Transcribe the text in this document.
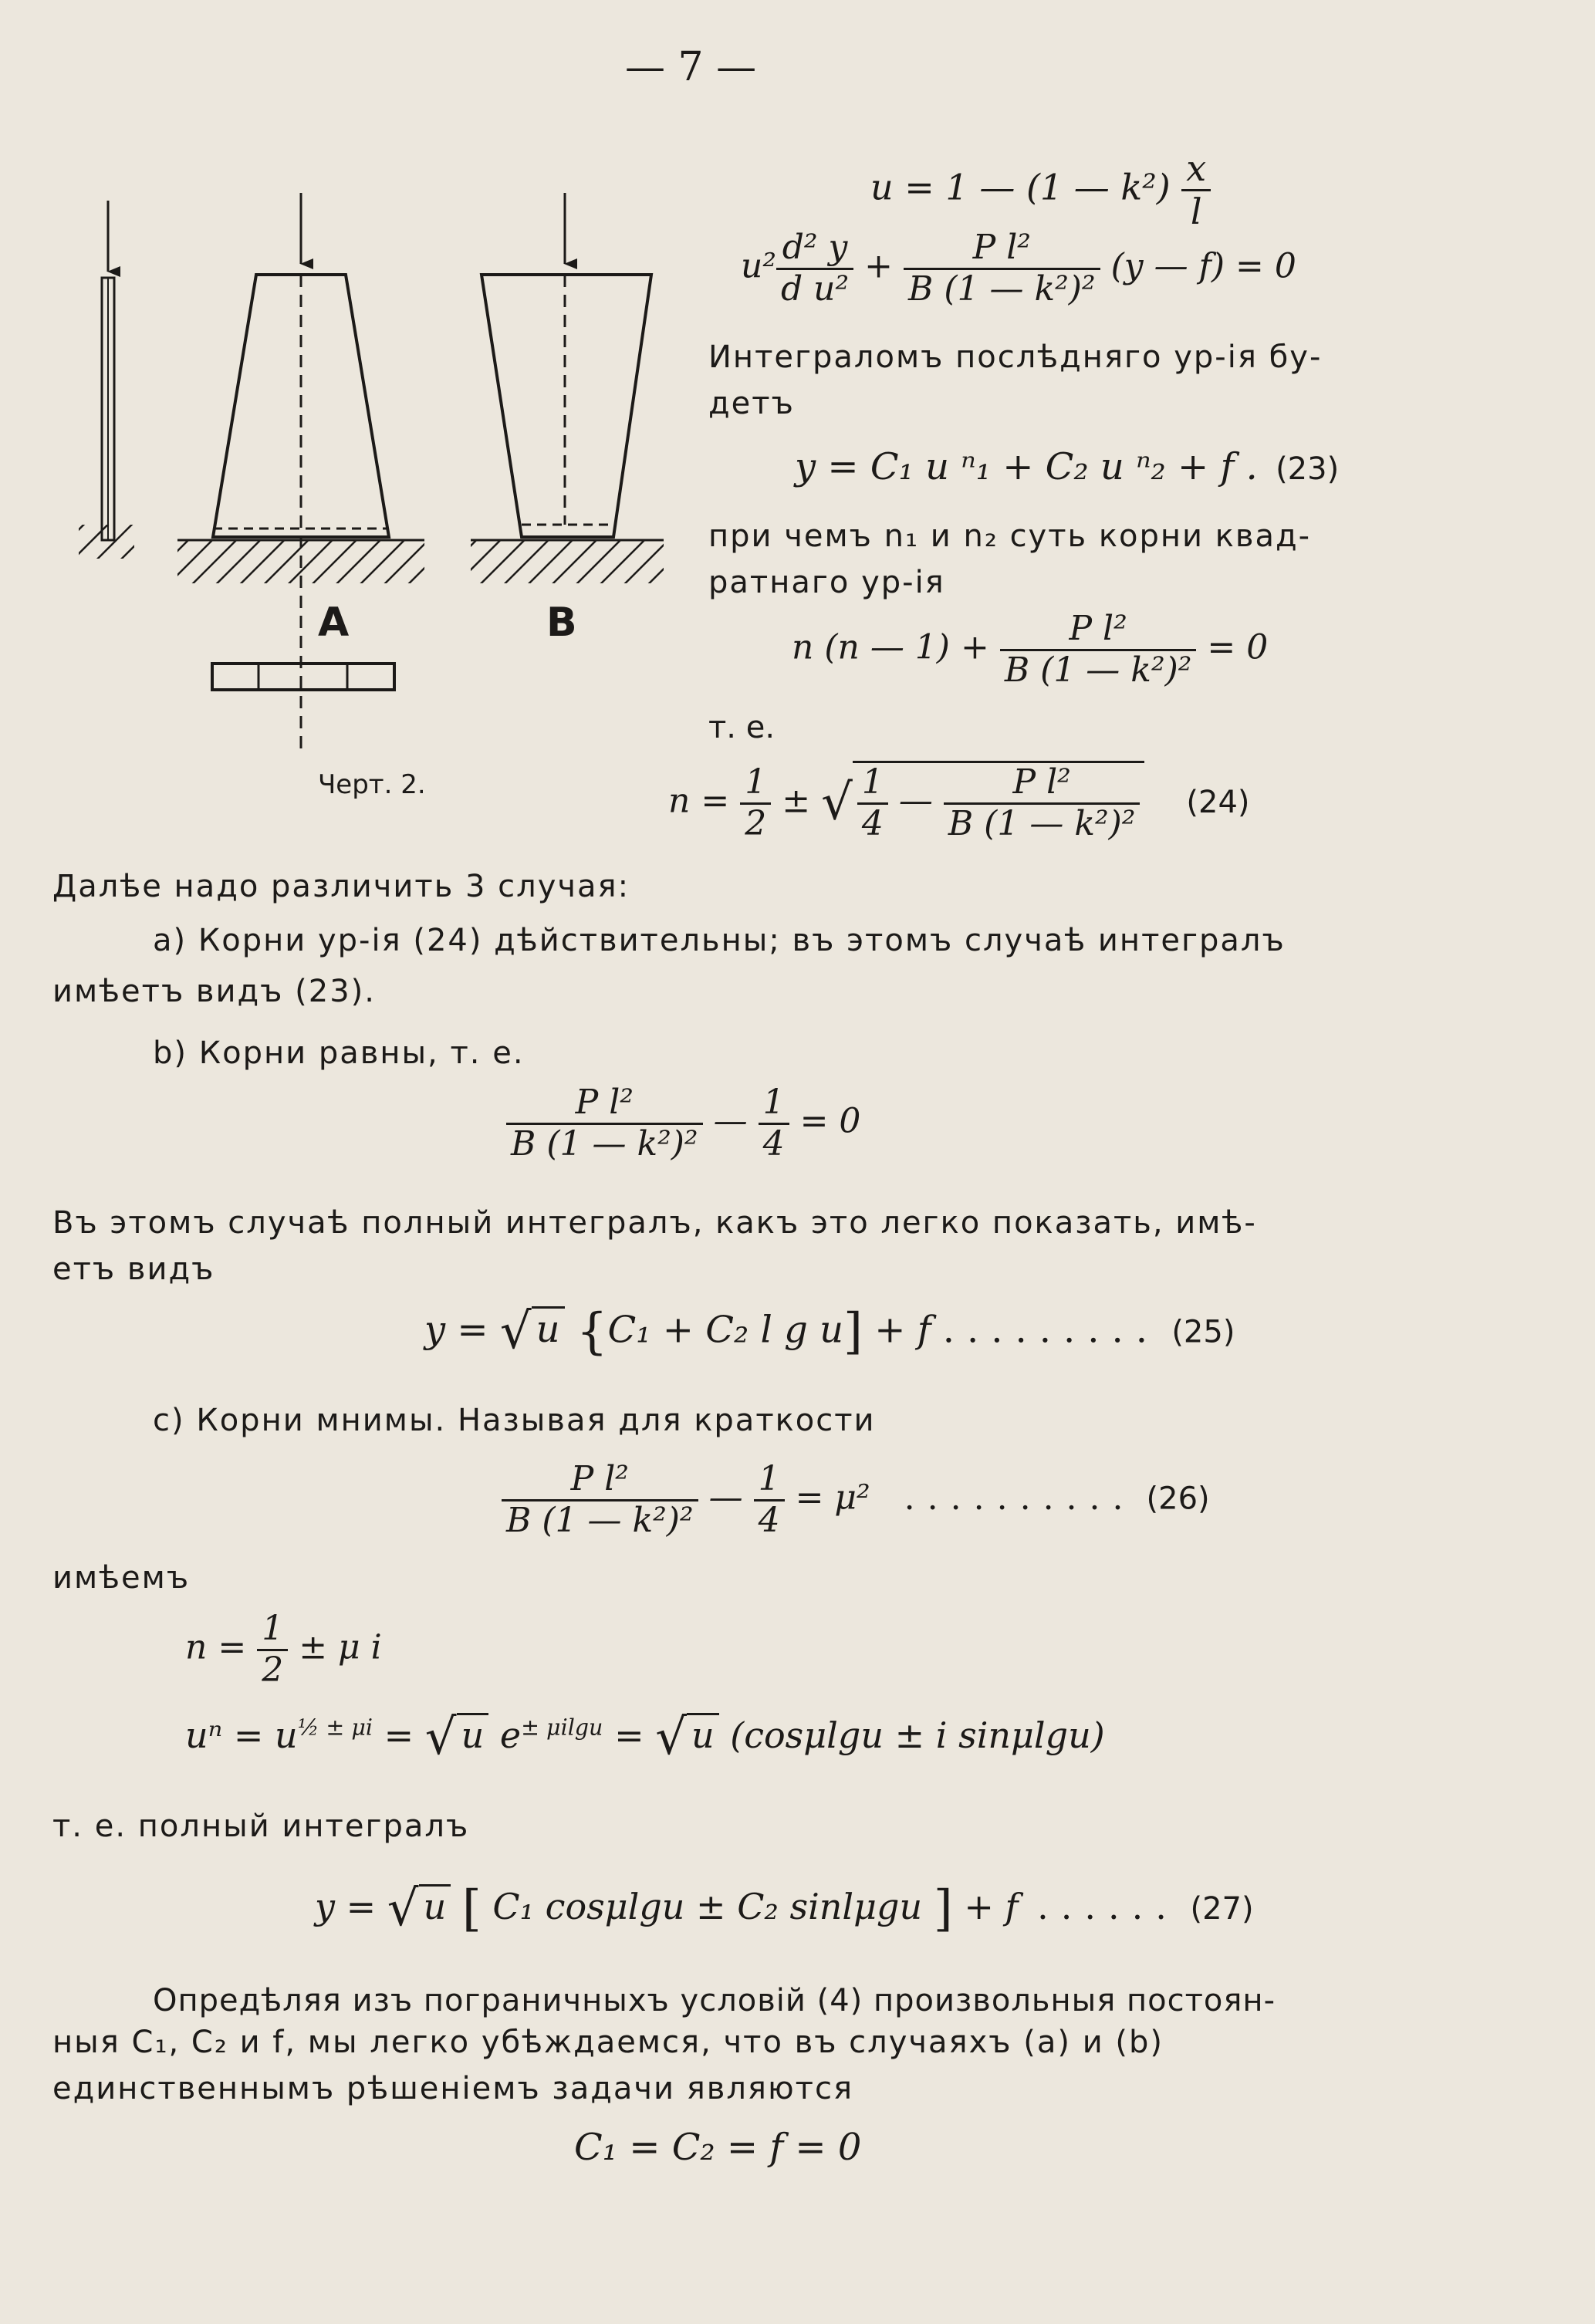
— 7 —
A	B
Черт. 2.
u = 1 — (1 — $k^2) \frac{x}{l}$
$u^2 \frac{\text{d² y}}{\text{d u²}} + \frac{\text{P l²}}{\text{B (1 — k²)²}} (y$ — f) = 0
Интеграломъ послѣдняго ур-ія бу-
детъ
y = C₁ u ⁿ₁ + C₂ u ⁿ₂ + f . (23)
при чемъ n₁ и n₂ суть корни квад-
ратнаго ур-ія
n (n — $1) + \frac{\text{P l²}}{\text{B (1 — k²)²}} = 0$
т. е.
$n = \frac{1}{2}$ ± √ $\frac{1}{4}$ — $\frac{\text{P l²}}{\text{B (1 — k²)²}} (24)$
Далѣе надо различить 3 случая:
а) Корни ур-ія (24) дѣйствительны; въ этомъ случаѣ интегралъ
имѣетъ видъ (23).
b) Корни равны, т. е.
$\frac{\text{P l²}}{\text{B (1 — k²)²}}$ — $\frac{1}{4} = 0$
Въ этомъ случаѣ полный интегралъ, какъ это легко показать, имѣ-
етъ видъ
y = √ u {C₁ + C₂ l g u] + f ......... (25)
с) Корни мнимы. Называя для краткости
$\frac{\text{P l²}}{\text{B (1 — k²)²}}$ — $\frac{1}{4} = \mu^2$ .......... (26)
имѣемъ
$n = \frac{1}{2} \pm \mu$ i
$u^n = u^{\frac{1}{2} \pm \mu i}$ = √ u $e^{\pm \mu ilgu}$ = √ u (cosμlgu ± i sinμlgu)
т. е. полный интегралъ
y = √ u [ C₁ cosμlgu ± C₂ sinlμgu ] + f ...... (27)
Опредѣляя изъ пограничныхъ условій (4) произвольныя постоян-
ныя C₁, C₂ и f, мы легко убѣждаемся, что въ случаяхъ (а) и (b)
единственнымъ рѣшеніемъ задачи являются
C₁ = C₂ = f = 0
